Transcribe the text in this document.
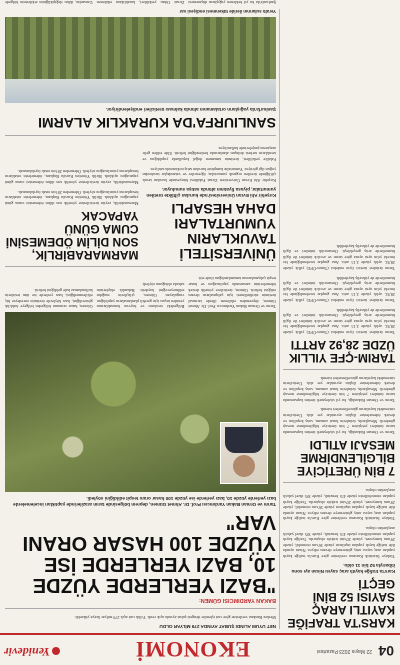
04
22 Mayıs 2023 Pazartesi
EKONOMİ
Yenidevir
KARS'TA TRAFİĞE KAYITLI ARAÇ SAYISI 52 BİNİ GEÇTİ
Kars'ta trafiğe kayıtlı araç sayısı Nisan ayı sonu itibarıyla 52 bin 11 oldu.

Türkiye İstatistik Kurumu verilerine göre Kars'ta trafiğe kaydı yapılan araç sayısı artış göstermeye devam ediyor. Nisan ayında ilde trafiğe kaydı yapılan taşıtların yüzde 36'sını otomobil, yüzde 29'unu kamyonet, yüzde 20'sini traktör oluşturdu. Trafiğe kaydı yapılan otomobillerin yüzde 45'i benzinli, yüzde 38'i dizel yakıtlı araçlardan oluştu.

Türkiye İstatistik Kurumu verilerine göre Kars'ta trafiğe kaydı yapılan araç sayısı artış göstermeye devam ediyor. Nisan ayında ilde trafiğe kaydı yapılan taşıtların yüzde 36'sını otomobil, yüzde 29'unu kamyonet, yüzde 20'sini traktör oluşturdu. Trafiğe kaydı yapılan otomobillerin yüzde 45'i benzinli, yüzde 38'i dizel yakıtlı araçlardan oluştu.

7 BİN ÜRETİCİYE BİLGİLENDİRME MESAJI ATILDI

Tarım ve Orman Bakanlığı, bu yıl sözleşmeli üretim kapsamında tarım ürünleri yetiştiren 7 bin üreticiye bilgilendirme mesajı gönderdi. Mesajlarda, ürünlerin hasat zamanı, satış koşulları ve destek ödemelerine ilişkin ayrıntılar yer aldı. Üreticilerin sistemdeki kayıtlarını güncellemeleri istendi.

Tarım ve Orman Bakanlığı, bu yıl sözleşmeli üretim kapsamında tarım ürünleri yetiştiren 7 bin üreticiye bilgilendirme mesajı gönderdi. Mesajlarda, ürünlerin hasat zamanı, satış koşulları ve destek ödemelerine ilişkin ayrıntılar yer aldı. Üreticilerin sistemdeki kayıtlarını güncellemeleri istendi.

TARIM-ÇFE YILLIK ÜZDE 28,92 ARTTI

Tarım ürünleri üretici fiyat endeksi (Tarım-ÜFE) yıllık yüzde 28,92, aylık yüzde 2,15 arttı. Ana gruplar incelendiğinde bir önceki yılın aynı ayına göre tarım ve avcılık ürünleri ile ilgili hizmetlerde artış gerçekleşti. Ormancılık ürünleri ve ilgili hizmetlerde de yükseliş kaydedildi.

Tarım ürünleri üretici fiyat endeksi (Tarım-ÜFE) yıllık yüzde 28,92, aylık yüzde 2,15 arttı. Ana gruplar incelendiğinde bir önceki yılın aynı ayına göre tarım ve avcılık ürünleri ile ilgili hizmetlerde artış gerçekleşti. Ormancılık ürünleri ve ilgili hizmetlerde de yükseliş kaydedildi.

Tarım ürünleri üretici fiyat endeksi (Tarım-ÜFE) yıllık yüzde 28,92, aylık yüzde 2,15 arttı. Ana gruplar incelendiğinde bir önceki yılın aynı ayına göre tarım ve avcılık ürünleri ile ilgili hizmetlerde artış gerçekleşti. Ormancılık ürünleri ve ilgili hizmetlerde de yükseliş kaydedildi.

NET UYUM ALINDI ŞUBAT AYINDA 279 MİLYAR OLDU

Merkez Bankası verilerine göre cari işlemler dengesi şubat ayında açık verdi. Yıllık cari açık 279 milyar liraya yükseldi.

BAKAN YARDIMCISI GÜMEN:
"BAZI YERLERDE YÜZDE 10, BAZI YERLERDE İSE YÜZDE 100 HASAR ORANI VAR"
Tarım ve Orman Bakan Yardımcısı Prof. Dr. Ahmet Gümen, deprem bölgesinde tarım arazilerinde yaptıkları incelemelerde bazı yerlerde yüzde 10, bazı yerlerde ise yüzde 100 hasar oranı tespit edildiğini söyledi.

Tarım ve Orman Bakan Yardımcısı Prof. Dr. Ahmet Gümen, depremden etkilenen illerde tarımsal üretimin sürdürülmesi için çalışmaların devam ettiğini belirtti. Gümen, üreticilere yönelik destek ödemelerinin zamanında yapılacağını ve hasar tespit çalışmalarının tamamlandığını ifade etti.

Bölgedeki seraların ve hayvan barınaklarının yeniden inşası için gerekli planlamaların yapıldığını vurgulayan Gümen, çiftçilerin mağdur edilmeyeceğini kaydetti. Bakanlık ekiplerinin sahada olduğunu söyledi.

Gümen, hasar oranının bölgeden bölgeye farklılık gösterdiğini, bazı köylerde üretimin neredeyse hiç etkilenmediğini, bazı yerlerde ise tüm tesislerin kullanılamaz hale geldiğini belirtti.

ÜNİVERSİTELİ TAVUKLARIN YUMURTALARI DAHA HESAPLI
Kırşehir Ahi Evran Üniversitesi'nde kurulan çiftlikte üretilen yumurtalar, piyasa fiyatının altında satışa sunuluyor.

Kırşehir Ahi Evran Üniversitesi Ziraat Fakültesi bünyesinde kurulan tavuk çiftliğinde üretilen organik yumurtalar, öğrenciler ve vatandaşlar tarafından yoğun ilgi görüyor. Yumurtalar kampüste kurulan satış noktasında satılıyor.

Fakülte yetkilileri, üretimin tamamen doğal koşullarda yapıldığını ve tavukların serbest dolaşım alanlarında beslendiğini belirtti. Elde edilen gelir araştırma projelerinde kullanılıyor.

MARMARABİRLİK, SON DİLİM ÖDEMESİNİ CUMA GÜNÜ YAPACAK

Marmarabirlik, zeytin üreticilerine yönelik son dilim ödemesini cuma günü yapacağını açıkladı. Birlik Yönetim Kurulu Başkanı, ödemelerin ortakların hesaplarına yatırılacağını söyledi. Ödemeden 28 bin ortak faydalanacak.

Marmarabirlik, zeytin üreticilerine yönelik son dilim ödemesini cuma günü yapacağını açıkladı. Birlik Yönetim Kurulu Başkanı, ödemelerin ortakların hesaplarına yatırılacağını söyledi. Ödemeden 28 bin ortak faydalanacak.

SANLIURFA'DA KURAKLIK ALARMI
Şanlıurfa'da yağışların ortalamanın altında kalması üreticileri endişelendiriyor.
Yeraltı sularının ileride tükenmesi endişesi var

Şanlıurfa'da bu yıl beklenen yağışların düşmemesi

Ziraat Odası yetkilileri, kuraklıktan etkilenen

Uzmanlar, iklim değişikliğinin etkilerinin bölgede
